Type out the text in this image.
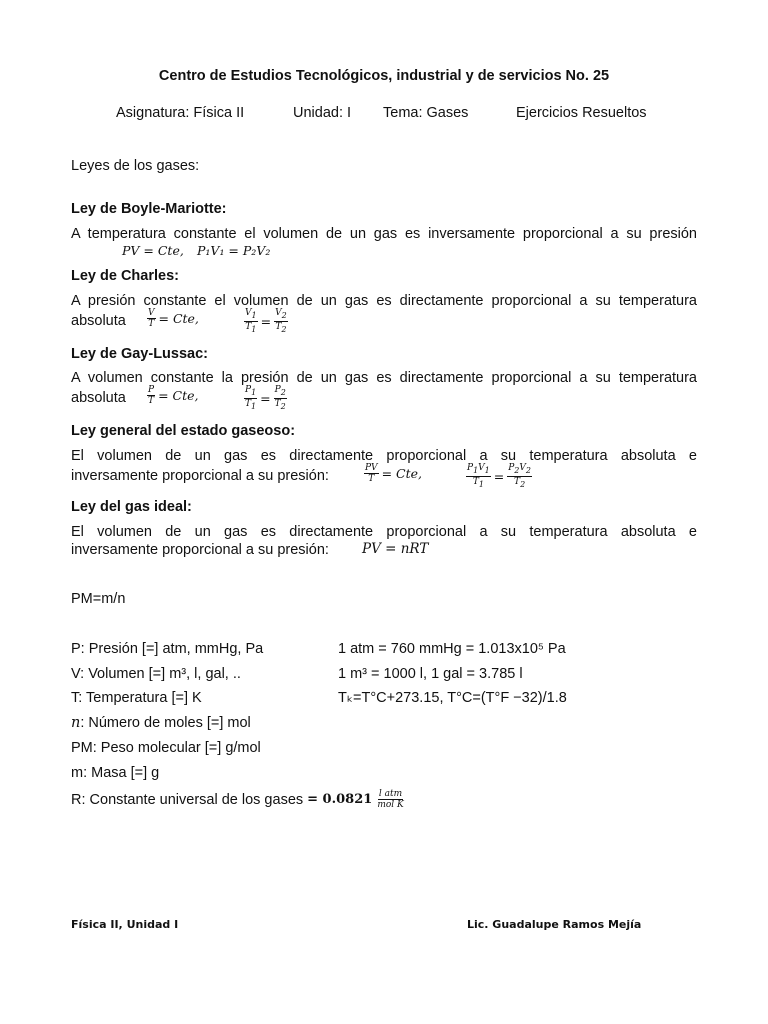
Centro de Estudios Tecnológicos, industrial y de servicios No. 25
Asignatura: Física II	Unidad: I Tema: Gases	Ejercicios Resueltos
Leyes de los gases:
Ley de Boyle-Mariotte:
A temperatura constante el volumen de un gas es inversamente proporcional a su presión
PV = Cte, P₁V₁ = P₂V₂
Ley de Charles:
A presión constante el volumen de un gas es directamente proporcional a su temperatura
absoluta $\frac{V}{T}$ = Cte,	$\frac{V_1}{T_1} = \frac{V_2}{T_2}$
Ley de Gay-Lussac:
A volumen constante la presión de un gas es directamente proporcional a su temperatura
absoluta $\frac{P}{T}$ = Cte,	$\frac{P_1}{T_1} = \frac{P_2}{T_2}$
Ley general del estado gaseoso:
El volumen de un gas es directamente proporcional a su temperatura absoluta e
inversamente proporcional a su presión:	$\frac{PV}{T}$ = Cte,	$\frac{P_1V_1}{T_1} = \frac{P_2V_2}{T_2}$
Ley del gas ideal:
El volumen de un gas es directamente proporcional a su temperatura absoluta e
inversamente proporcional a su presión: PV = nRT
PM=m/n
P: Presión [=] atm, mmHg, Pa	1 atm = 760 mmHg = 1.013x10⁵ Pa
V: Volumen [=] m³, l, gal, ..	1 m³ = 1000 l, 1 gal = 3.785 l
T: Temperatura [=] K	Tₖ=T°C+273.15, T°C=(T°F −32)/1.8
n: Número de moles [=] mol
PM: Peso molecular [=] g/mol
m: Masa [=] g
R: Constante universal de los gases = $0.0821 \frac{\text{l atm}}{\text{mol K}}$
Física II, Unidad I	Lic. Guadalupe Ramos Mejía
